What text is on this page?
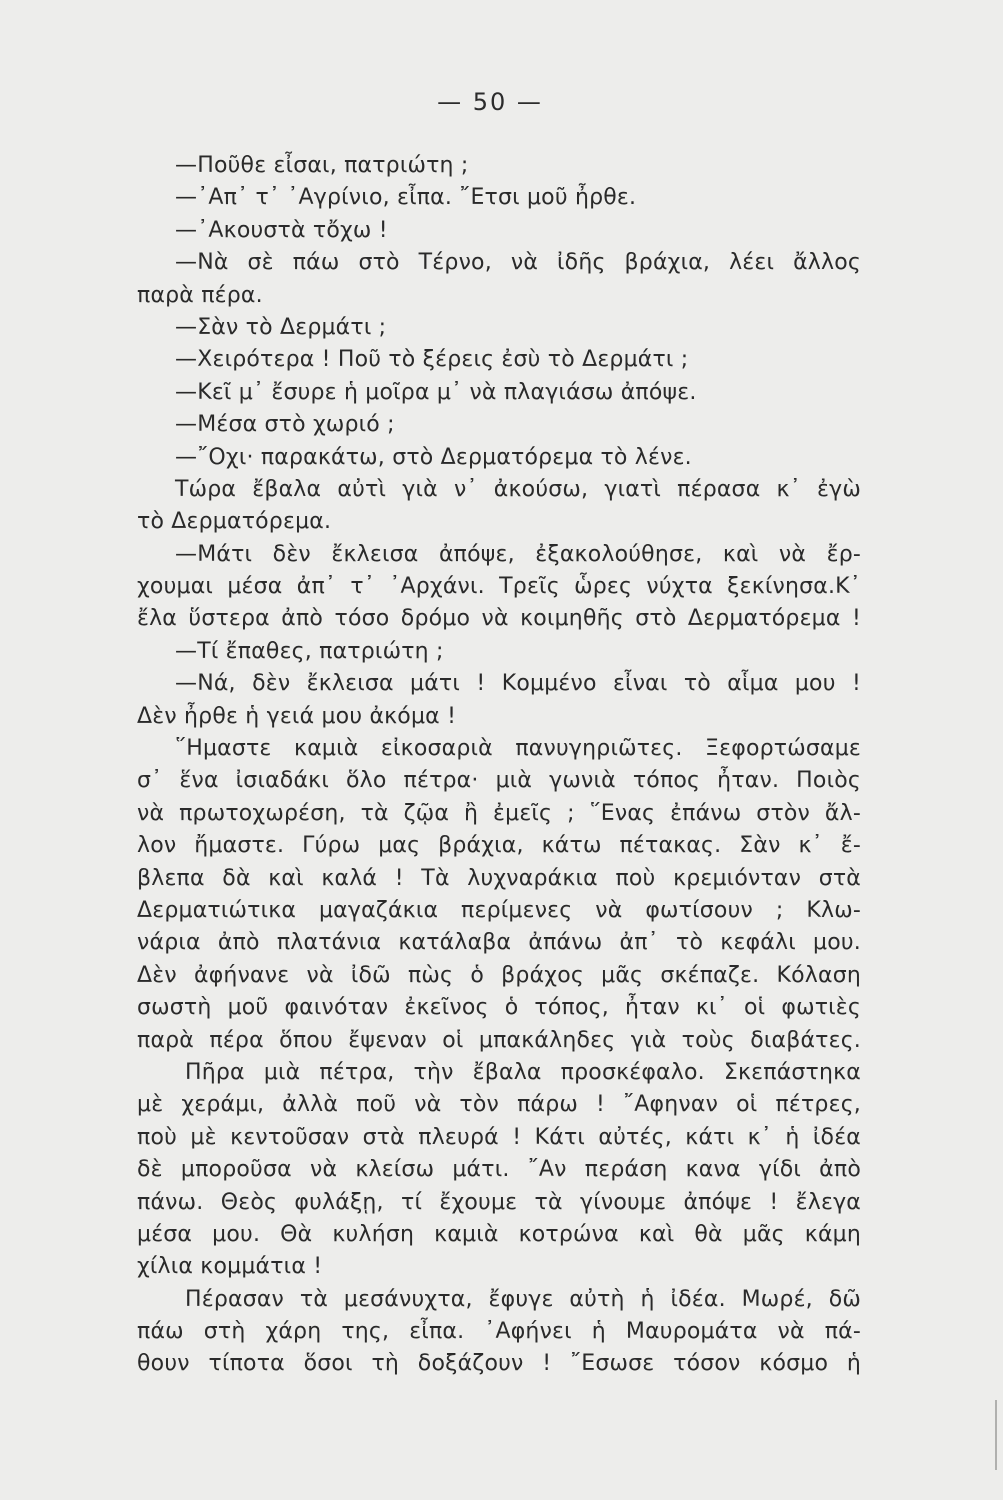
— 50 —
—Ποῦθε εἶσαι, πατριώτη ;
—᾿Απ᾿ τ᾿ ᾿Αγρίνιο, εἶπα. ῎Ετσι μοῦ ἦρθε.
—᾿Ακουστὰ τὄχω !
—Νὰ σὲ πάω στὸ Τέρνο, νὰ ἰδῆς βράχια, λέει ἄλλος
παρὰ πέρα.
—Σὰν τὸ Δερμάτι ;
—Χειρότερα ! Ποῦ τὸ ξέρεις ἐσὺ τὸ Δερμάτι ;
—Κεῖ μ᾿ ἔσυρε ἡ μοῖρα μ᾿ νὰ πλαγιάσω ἀπόψε.
—Μέσα στὸ χωριό ;
—῎Οχι· παρακάτω, στὸ Δερματόρεμα τὸ λένε.
Τώρα ἔβαλα αὐτὶ γιὰ ν᾿ ἀκούσω, γιατὶ πέρασα κ᾿ ἐγὼ
τὸ Δερματόρεμα.
—Μάτι δὲν ἔκλεισα ἀπόψε, ἐξακολούθησε, καὶ νὰ ἔρ-
χουμαι μέσα ἀπ᾿ τ᾿ ᾿Αρχάνι. Τρεῖς ὧρες νύχτα ξεκίνησα.Κ᾿
ἔλα ὕστερα ἀπὸ τόσο δρόμο νὰ κοιμηθῆς στὸ Δερματόρεμα !
—Τί ἔπαθες, πατριώτη ;
—Νά, δὲν ἔκλεισα μάτι ! Κομμένο εἶναι τὸ αἷμα μου !
Δὲν ἦρθε ἡ γειά μου ἀκόμα !
῞Ημαστε καμιὰ εἰκοσαριὰ πανυγηριῶτες. Ξεφορτώσαμε
σ᾿ ἕνα ἰσιαδάκι ὅλο πέτρα· μιὰ γωνιὰ τόπος ἦταν. Ποιὸς
νὰ πρωτοχωρέση, τὰ ζῷα ἢ ἐμεῖς ; ῞Ενας ἐπάνω στὸν ἄλ-
λον ἤμαστε. Γύρω μας βράχια, κάτω πέτακας. Σὰν κ᾿ ἔ-
βλεπα δὰ καὶ καλά ! Τὰ λυχναράκια ποὺ κρεμιόνταν στὰ
Δερματιώτικα μαγαζάκια περίμενες νὰ φωτίσουν ; Κλω-
νάρια ἀπὸ πλατάνια κατάλαβα ἀπάνω ἀπ᾿ τὸ κεφάλι μου.
Δὲν ἀφήνανε νὰ ἰδῶ πὼς ὁ βράχος μᾶς σκέπαζε. Κόλαση
σωστὴ μοῦ φαινόταν ἐκεῖνος ὁ τόπος, ἦταν κι᾿ οἱ φωτιὲς
παρὰ πέρα ὅπου ἔψεναν οἱ μπακάληδες γιὰ τοὺς διαβάτες.
Πῆρα μιὰ πέτρα, τὴν ἔβαλα προσκέφαλο. Σκεπάστηκα
μὲ χεράμι, ἀλλὰ ποῦ νὰ τὸν πάρω ! ῎Αφηναν οἱ πέτρες,
ποὺ μὲ κεντοῦσαν στὰ πλευρά ! Κάτι αὐτές, κάτι κ᾿ ἡ ἰδέα
δὲ μποροῦσα νὰ κλείσω μάτι. ῎Αν περάση κανα γίδι ἀπὸ
πάνω. Θεὸς φυλάξῃ, τί ἔχουμε τὰ γίνουμε ἀπόψε ! ἔλεγα
μέσα μου. Θὰ κυλήση καμιὰ κοτρώνα καὶ θὰ μᾶς κάμη
χίλια κομμάτια !
Πέρασαν τὰ μεσάνυχτα, ἔφυγε αὐτὴ ἡ ἰδέα. Μωρέ, δῶ
πάω στὴ χάρη της, εἶπα. ᾿Αφήνει ἡ Μαυρομάτα νὰ πά-
θουν τίποτα ὅσοι τὴ δοξάζουν ! ῎Εσωσε τόσον κόσμο ἡ
